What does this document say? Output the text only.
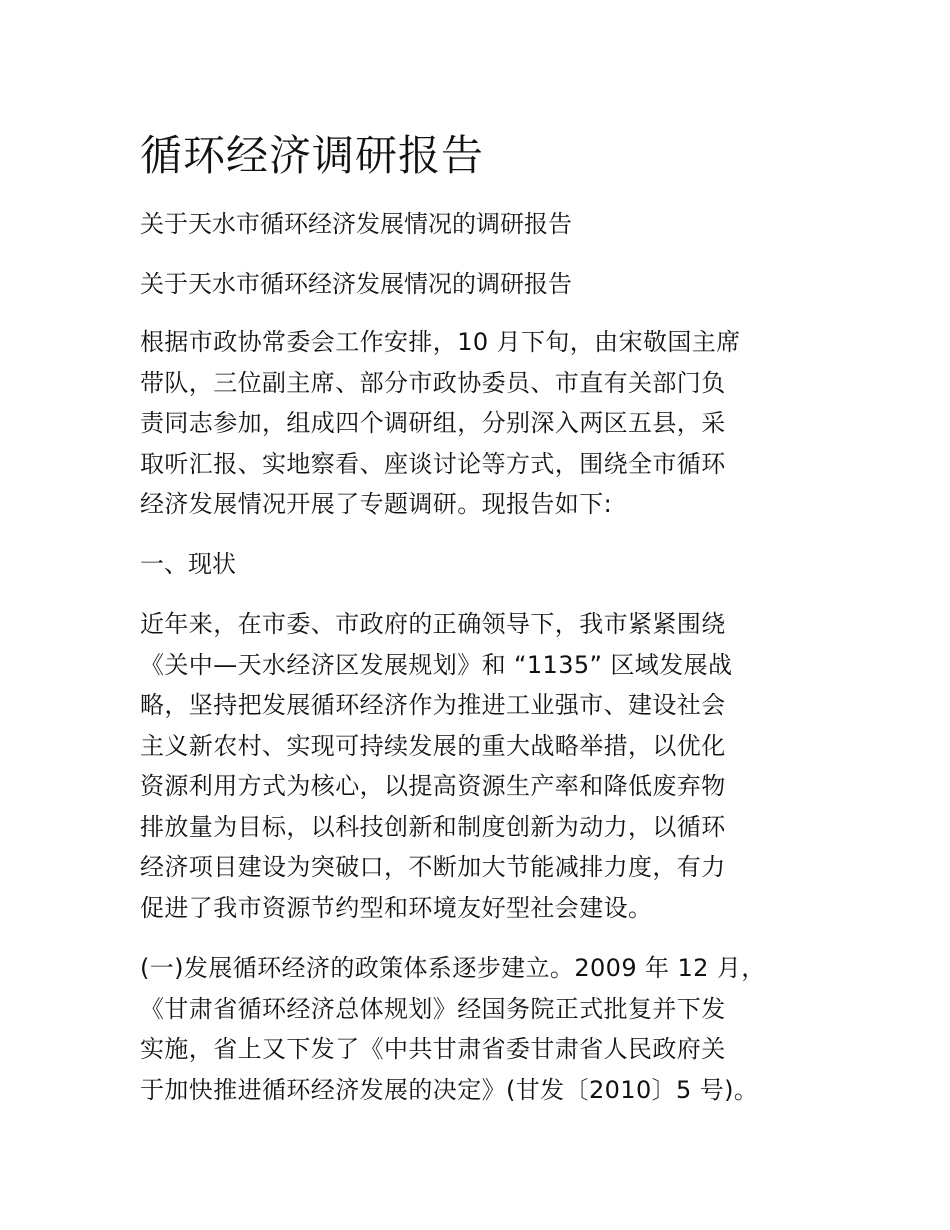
循环经济调研报告

关于天水市循环经济发展情况的调研报告

关于天水市循环经济发展情况的调研报告

根据市政协常委会工作安排，10 月下旬，由宋敬国主席
带队，三位副主席、部分市政协委员、市直有关部门负
责同志参加，组成四个调研组，分别深入两区五县，采
取听汇报、实地察看、座谈讨论等方式，围绕全市循环
经济发展情况开展了专题调研。现报告如下:

一、现状

近年来，在市委、市政府的正确领导下，我市紧紧围绕
《关中—天水经济区发展规划》和 “1135” 区域发展战
略，坚持把发展循环经济作为推进工业强市、建设社会
主义新农村、实现可持续发展的重大战略举措，以优化
资源利用方式为核心，以提高资源生产率和降低废弃物
排放量为目标，以科技创新和制度创新为动力，以循环
经济项目建设为突破口，不断加大节能减排力度，有力
促进了我市资源节约型和环境友好型社会建设。
(一)发展循环经济的政策体系逐步建立。2009 年 12 月，
《甘肃省循环经济总体规划》经国务院正式批复并下发
实施，省上又下发了《中共甘肃省委甘肃省人民政府关
于加快推进循环经济发展的决定》(甘发〔2010〕5 号)。
